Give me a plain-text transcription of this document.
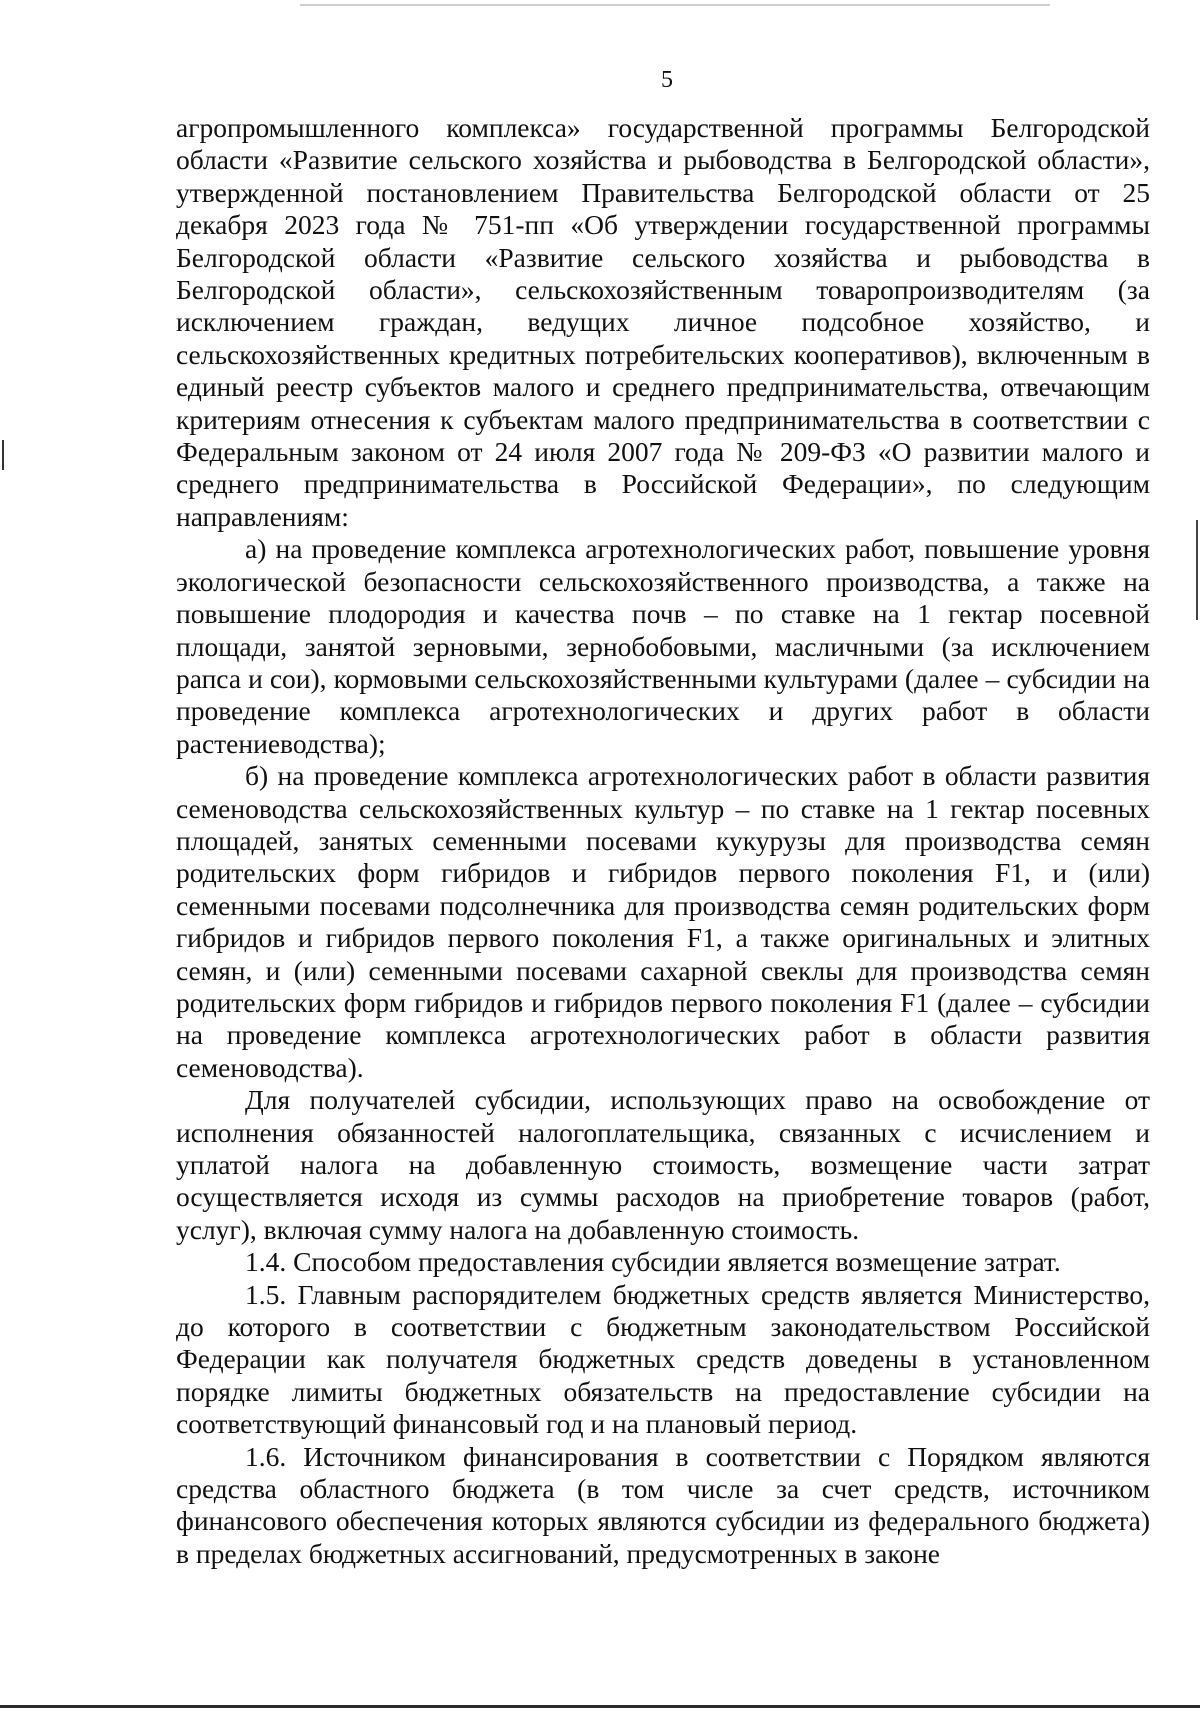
5

агропромышленного комплекса» государственной программы Белгородской области «Развитие сельского хозяйства и рыбоводства в Белгородской области», утвержденной постановлением Правительства Белгородской области от 25 декабря 2023 года № 751-пп «Об утверждении государственной программы Белгородской области «Развитие сельского хозяйства и рыбоводства в Белгородской области», сельскохозяйственным товаропроизводителям (за исключением граждан, ведущих личное подсобное хозяйство, и сельскохозяйственных кредитных потребительских кооперативов), включенным в единый реестр субъектов малого и среднего предпринимательства, отвечающим критериям отнесения к субъектам малого предпринимательства в соответствии с Федеральным законом от 24 июля 2007 года № 209-ФЗ «О развитии малого и среднего предпринимательства в Российской Федерации», по следующим направлениям:

а) на проведение комплекса агротехнологических работ, повышение уровня экологической безопасности сельскохозяйственного производства, а также на повышение плодородия и качества почв – по ставке на 1 гектар посевной площади, занятой зерновыми, зернобобовыми, масличными (за исключением рапса и сои), кормовыми сельскохозяйственными культурами (далее – субсидии на проведение комплекса агротехнологических и других работ в области растениеводства);

б) на проведение комплекса агротехнологических работ в области развития семеноводства сельскохозяйственных культур – по ставке на 1 гектар посевных площадей, занятых семенными посевами кукурузы для производства семян родительских форм гибридов и гибридов первого поколения F1, и (или) семенными посевами подсолнечника для производства семян родительских форм гибридов и гибридов первого поколения F1, а также оригинальных и элитных семян, и (или) семенными посевами сахарной свеклы для производства семян родительских форм гибридов и гибридов первого поколения F1 (далее – субсидии на проведение комплекса агротехнологических работ в области развития семеноводства).

Для получателей субсидии, использующих право на освобождение от исполнения обязанностей налогоплательщика, связанных с исчислением и уплатой налога на добавленную стоимость, возмещение части затрат осуществляется исходя из суммы расходов на приобретение товаров (работ, услуг), включая сумму налога на добавленную стоимость.

1.4. Способом предоставления субсидии является возмещение затрат.

1.5. Главным распорядителем бюджетных средств является Министерство, до которого в соответствии с бюджетным законодательством Российской Федерации как получателя бюджетных средств доведены в установленном порядке лимиты бюджетных обязательств на предоставление субсидии на соответствующий финансовый год и на плановый период.

1.6. Источником финансирования в соответствии с Порядком являются средства областного бюджета (в том числе за счет средств, источником финансового обеспечения которых являются субсидии из федерального бюджета) в пределах бюджетных ассигнований, предусмотренных в законе
